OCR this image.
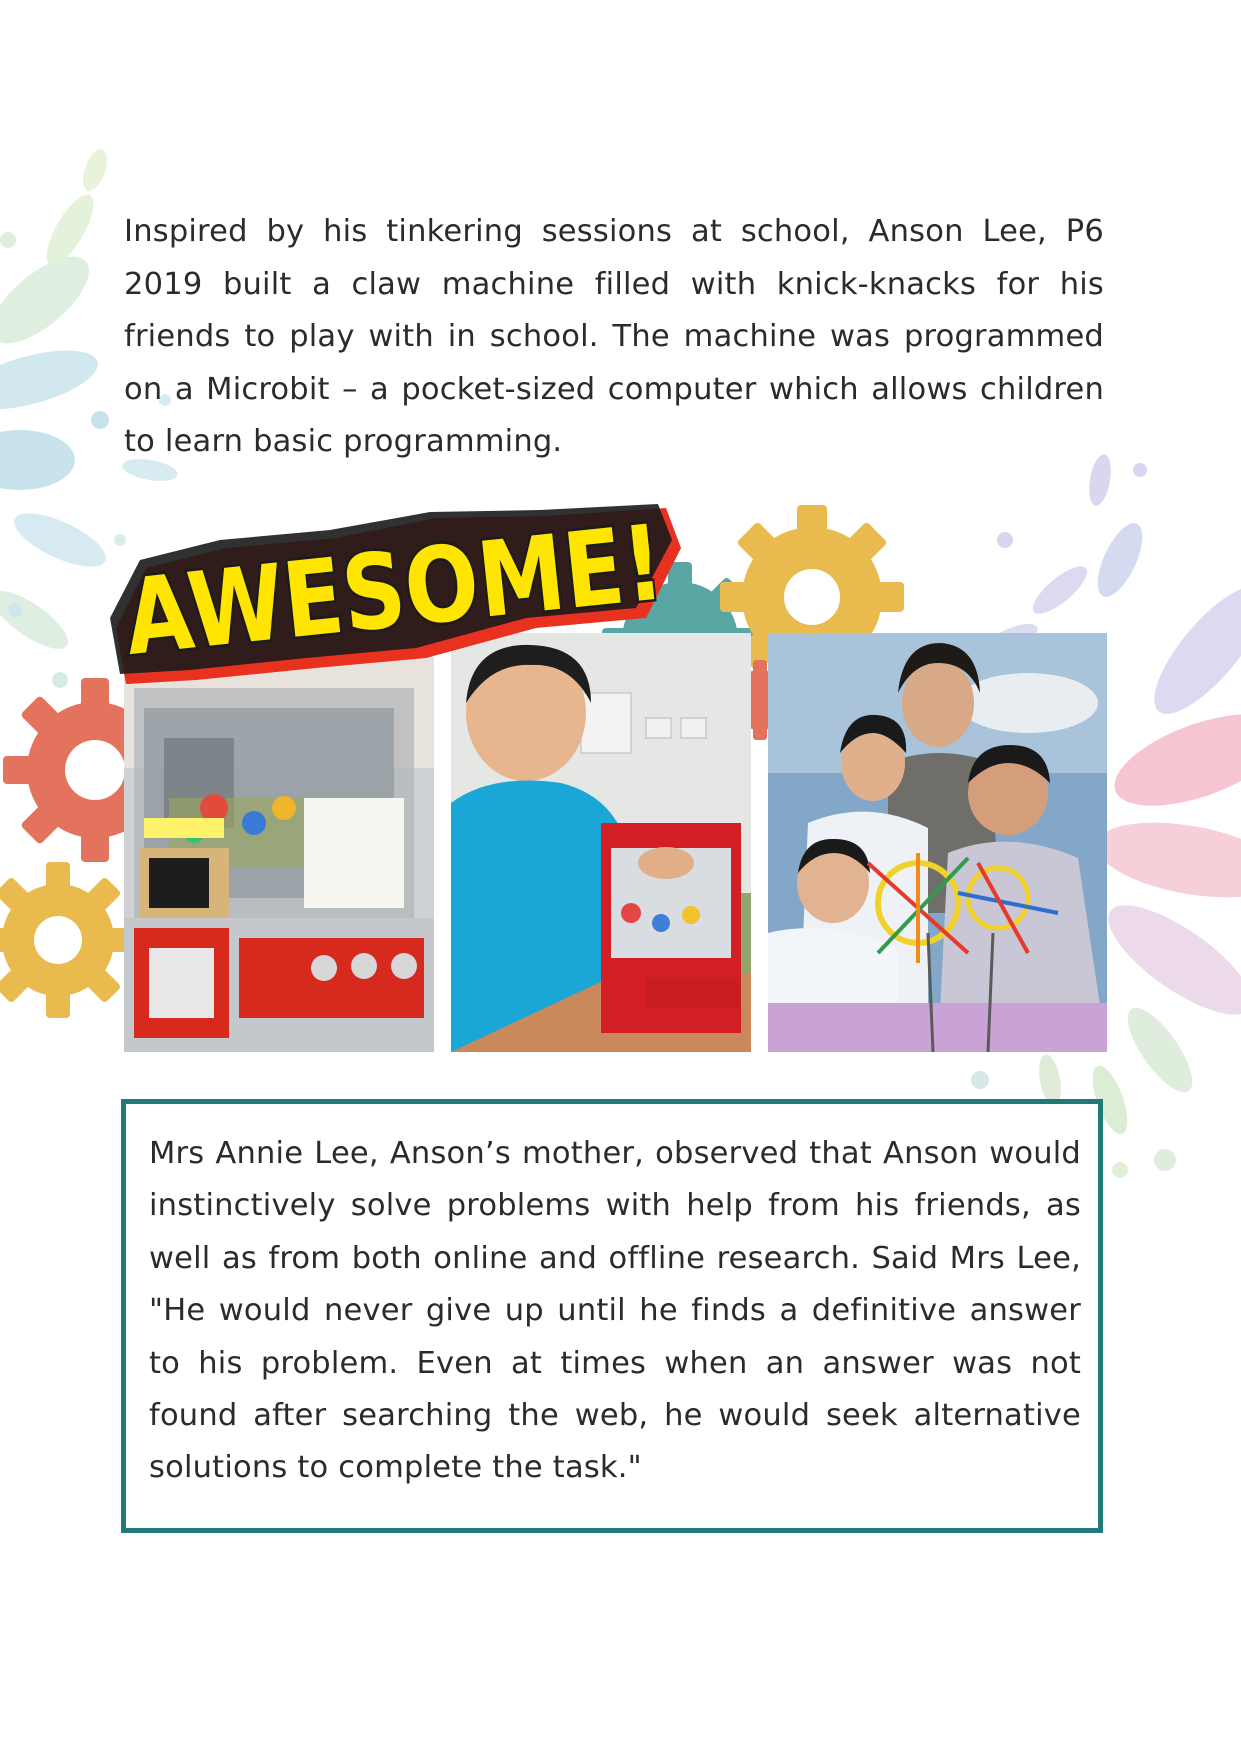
Inspired by his tinkering sessions at school, Anson Lee, P6 2019 built a claw machine filled with knick-knacks for his friends to play with in school. The machine was programmed on a Microbit – a pocket-sized computer which allows children to learn basic programming.

AWESOME!

Mrs Annie Lee, Anson’s mother, observed that Anson would instinctively solve problems with help from his friends, as well as from both online and offline research. Said Mrs Lee, "He would never give up until he finds a definitive answer to his problem. Even at times when an answer was not found after searching the web, he would seek alternative solutions to complete the task."
